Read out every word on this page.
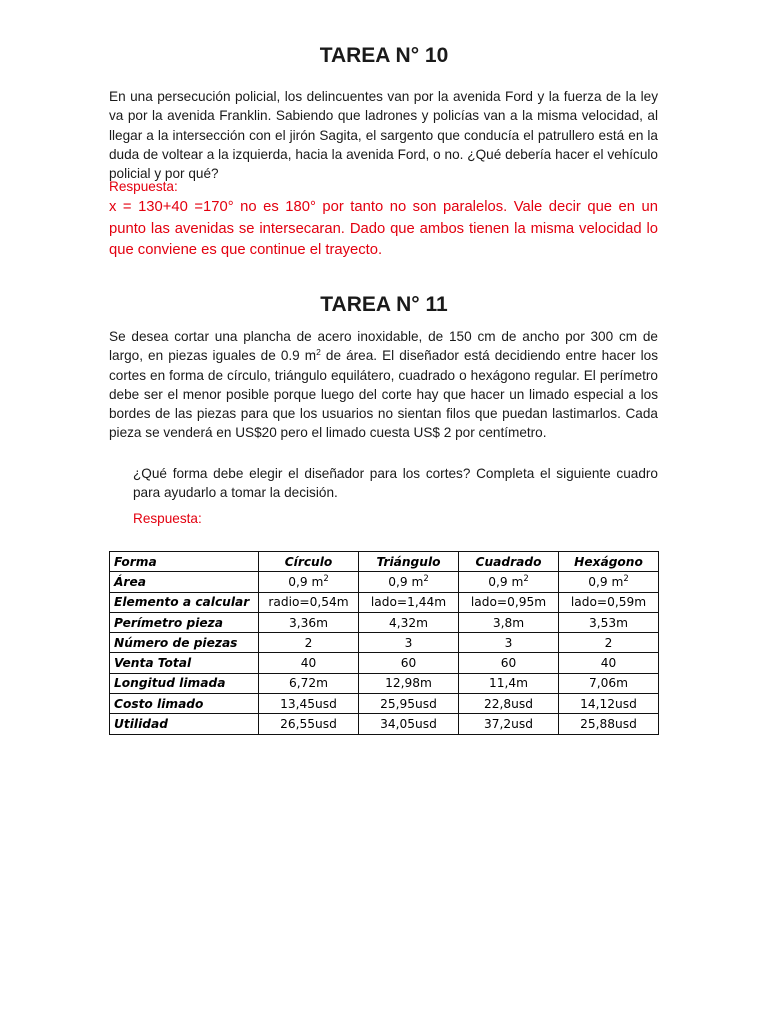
TAREA N° 10

En una persecución policial, los delincuentes van por la avenida Ford y la fuerza de la ley va por la avenida Franklin. Sabiendo que ladrones y policías van a la misma velocidad, al llegar a la intersección con el jirón Sagita, el sargento que conducía el patrullero está en la duda de voltear a la izquierda, hacia la avenida Ford, o no. ¿Qué debería hacer el vehículo policial y por qué?

Respuesta:

x = 130+40 =170° no es 180° por tanto no son paralelos. Vale decir que en un punto las avenidas se intersecaran. Dado que ambos tienen la misma velocidad lo que conviene es que continue el trayecto.

TAREA N° 11

Se desea cortar una plancha de acero inoxidable, de 150 cm de ancho por 300 cm de largo, en piezas iguales de 0.9 $m^2$ de área. El diseñador está decidiendo entre hacer los cortes en forma de círculo, triángulo equilátero, cuadrado o hexágono regular. El perímetro debe ser el menor posible porque luego del corte hay que hacer un limado especial a los bordes de las piezas para que los usuarios no sientan filos que puedan lastimarlos. Cada pieza se venderá en US$20 pero el limado cuesta US$ 2 por centímetro.

¿Qué forma debe elegir el diseñador para los cortes? Completa el siguiente cuadro para ayudarlo a tomar la decisión.

Respuesta:

Forma	Círculo	Triángulo	Cuadrado	Hexágono
Área	0,9 $m^2$	0,9 $m^2$	0,9 $m^2$	0,9 $m^2$
Elemento a calcular	radio=0,54m	lado=1,44m	lado=0,95m	lado=0,59m
Perímetro pieza	3,36m	4,32m	3,8m	3,53m
Número de piezas	2	3	3	2
Venta Total	40	60	60	40
Longitud limada	6,72m	12,98m	11,4m	7,06m
Costo limado	13,45usd	25,95usd	22,8usd	14,12usd
Utilidad	26,55usd	34,05usd	37,2usd	25,88usd
